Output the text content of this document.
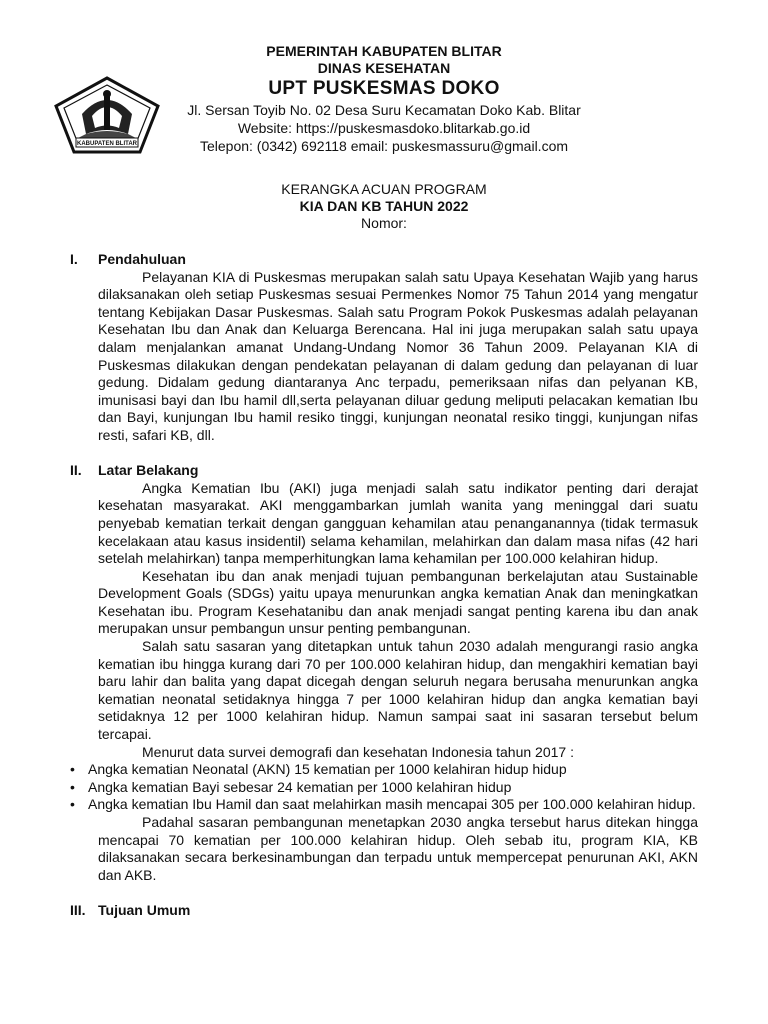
KABUPATEN BLITAR
PEMERINTAH KABUPATEN BLITAR
DINAS KESEHATAN
UPT PUSKESMAS DOKO
Jl. Sersan Toyib No. 02 Desa Suru Kecamatan Doko Kab. Blitar
Website: https://puskesmasdoko.blitarkab.go.id
Telepon: (0342) 692118 email: puskesmassuru@gmail.com
KERANGKA ACUAN PROGRAM
KIA DAN KB TAHUN 2022
Nomor:
I.	Pendahuluan
Pelayanan KIA di Puskesmas merupakan salah satu Upaya Kesehatan Wajib yang harus dilaksanakan oleh setiap Puskesmas sesuai Permenkes Nomor 75 Tahun 2014 yang mengatur tentang Kebijakan Dasar Puskesmas. Salah satu Program Pokok Puskesmas adalah pelayanan Kesehatan Ibu dan Anak dan Keluarga Berencana. Hal ini juga merupakan salah satu upaya dalam menjalankan amanat Undang-Undang Nomor 36 Tahun 2009. Pelayanan KIA di Puskesmas dilakukan dengan pendekatan pelayanan di dalam gedung dan pelayanan di luar gedung. Didalam gedung diantaranya Anc terpadu, pemeriksaan nifas dan pelyanan KB, imunisasi bayi dan Ibu hamil dll,serta pelayanan diluar gedung meliputi pelacakan kematian Ibu dan Bayi, kunjungan Ibu hamil resiko tinggi, kunjungan neonatal resiko tinggi, kunjungan nifas resti, safari KB, dll.
II.	Latar Belakang
Angka Kematian Ibu (AKI) juga menjadi salah satu indikator penting dari derajat kesehatan masyarakat. AKI menggambarkan jumlah wanita yang meninggal dari suatu penyebab kematian terkait dengan gangguan kehamilan atau penanganannya (tidak termasuk kecelakaan atau kasus insidentil) selama kehamilan, melahirkan dan dalam masa nifas (42 hari setelah melahirkan) tanpa memperhitungkan lama kehamilan per 100.000 kelahiran hidup.
Kesehatan ibu dan anak menjadi tujuan pembangunan berkelajutan atau Sustainable Development Goals (SDGs) yaitu upaya menurunkan angka kematian Anak dan meningkatkan Kesehatan ibu. Program Kesehatanibu dan anak menjadi sangat penting karena ibu dan anak merupakan unsur pembangun unsur penting pembangunan.
Salah satu sasaran yang ditetapkan untuk tahun 2030 adalah mengurangi rasio angka kematian ibu hingga kurang dari 70 per 100.000 kelahiran hidup, dan mengakhiri kematian bayi baru lahir dan balita yang dapat dicegah dengan seluruh negara berusaha menurunkan angka kematian neonatal setidaknya hingga 7 per 1000 kelahiran hidup dan angka kematian bayi setidaknya 12 per 1000 kelahiran hidup. Namun sampai saat ini sasaran tersebut belum tercapai.
Menurut data survei demografi dan kesehatan Indonesia tahun 2017 :
• Angka kematian Neonatal (AKN) 15 kematian per 1000 kelahiran hidup hidup
• Angka kematian Bayi sebesar 24 kematian per 1000 kelahiran hidup
• Angka kematian Ibu Hamil dan saat melahirkan masih mencapai 305 per 100.000 kelahiran hidup.
Padahal sasaran pembangunan menetapkan 2030 angka tersebut harus ditekan hingga mencapai 70 kematian per 100.000 kelahiran hidup. Oleh sebab itu, program KIA, KB dilaksanakan secara berkesinambungan dan terpadu untuk mempercepat penurunan AKI, AKN dan AKB.
III. Tujuan Umum
